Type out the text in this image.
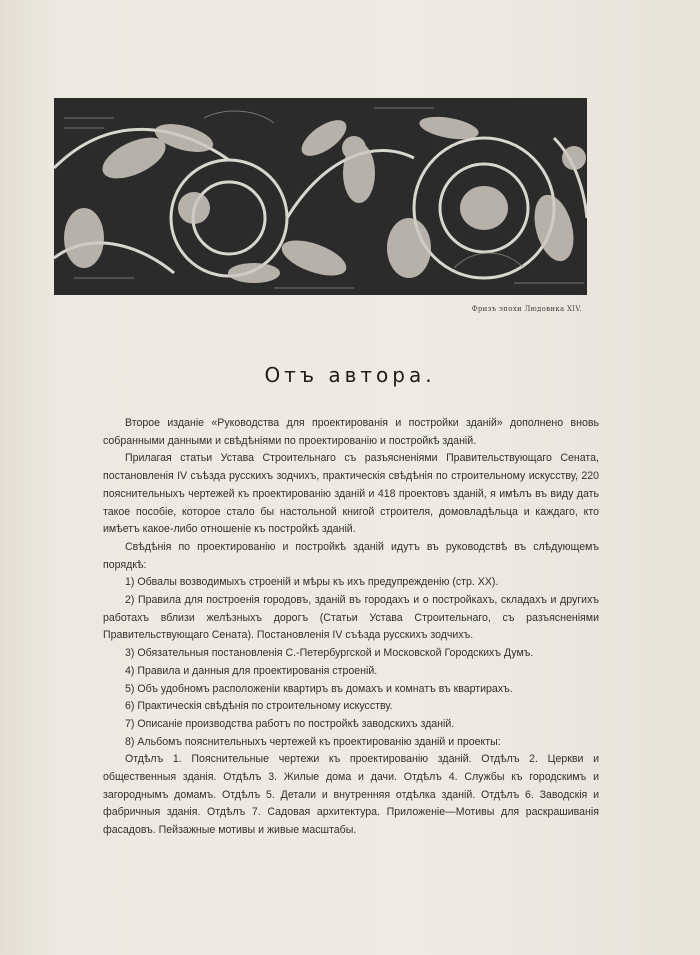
Фризъ эпохи Людовика XIV.
Отъ автора.

Второе изданіе «Руководства для проектированія и постройки зданій» дополнено вновь собранными данными и свѣдѣніями по проектированію и постройкѣ зданій.

Прилагая статьи Устава Строительнаго съ разъясненіями Правительствующаго Сената, постановленія IV съѣзда русскихъ зодчихъ, практическія свѣдѣнія по строительному искусству, 220 пояснительныхъ чертежей къ проектированію зданій и 418 проектовъ зданій, я имѣлъ въ виду дать такое пособіе, которое стало бы настольной книгой строителя, домовладѣльца и каждаго, кто имѣетъ какое-либо отношеніе къ постройкѣ зданій.

Свѣдѣнія по проектированію и постройкѣ зданій идутъ въ руководствѣ въ слѣдующемъ порядкѣ:

1) Обвалы возводимыхъ строеній и мѣры къ ихъ предупрежденію (стр. XX).

2) Правила для построенія городовъ, зданій въ городахъ и о постройкахъ, складахъ и другихъ работахъ вблизи желѣзныхъ дорогъ (Статьи Устава Строительнаго, съ разъясненіями Правительствующаго Сената). Постановленія IV съѣзда русскихъ зодчихъ.

3) Обязательныя постановленія С.-Петербургской и Московской Городскихъ Думъ.

4) Правила и данныя для проектированія строеній.

5) Объ удобномъ расположеніи квартиръ въ домахъ и комнатъ въ квартирахъ.

6) Практическія свѣдѣнія по строительному искусству.

7) Описаніе производства работъ по постройкѣ заводскихъ зданій.

8) Альбомъ пояснительныхъ чертежей къ проектированію зданій и проекты:

Отдѣлъ 1. Пояснительные чертежи къ проектированію зданій. Отдѣлъ 2. Церкви и общественныя зданія. Отдѣлъ 3. Жилые дома и дачи. Отдѣлъ 4. Службы къ городскимъ и загороднымъ домамъ. Отдѣлъ 5. Детали и внутренняя отдѣлка зданій. Отдѣлъ 6. Заводскія и фабричныя зданія. Отдѣлъ 7. Садовая архитектура. Приложеніе—Мотивы для раскрашиванія фасадовъ. Пейзажные мотивы и живые масштабы.
